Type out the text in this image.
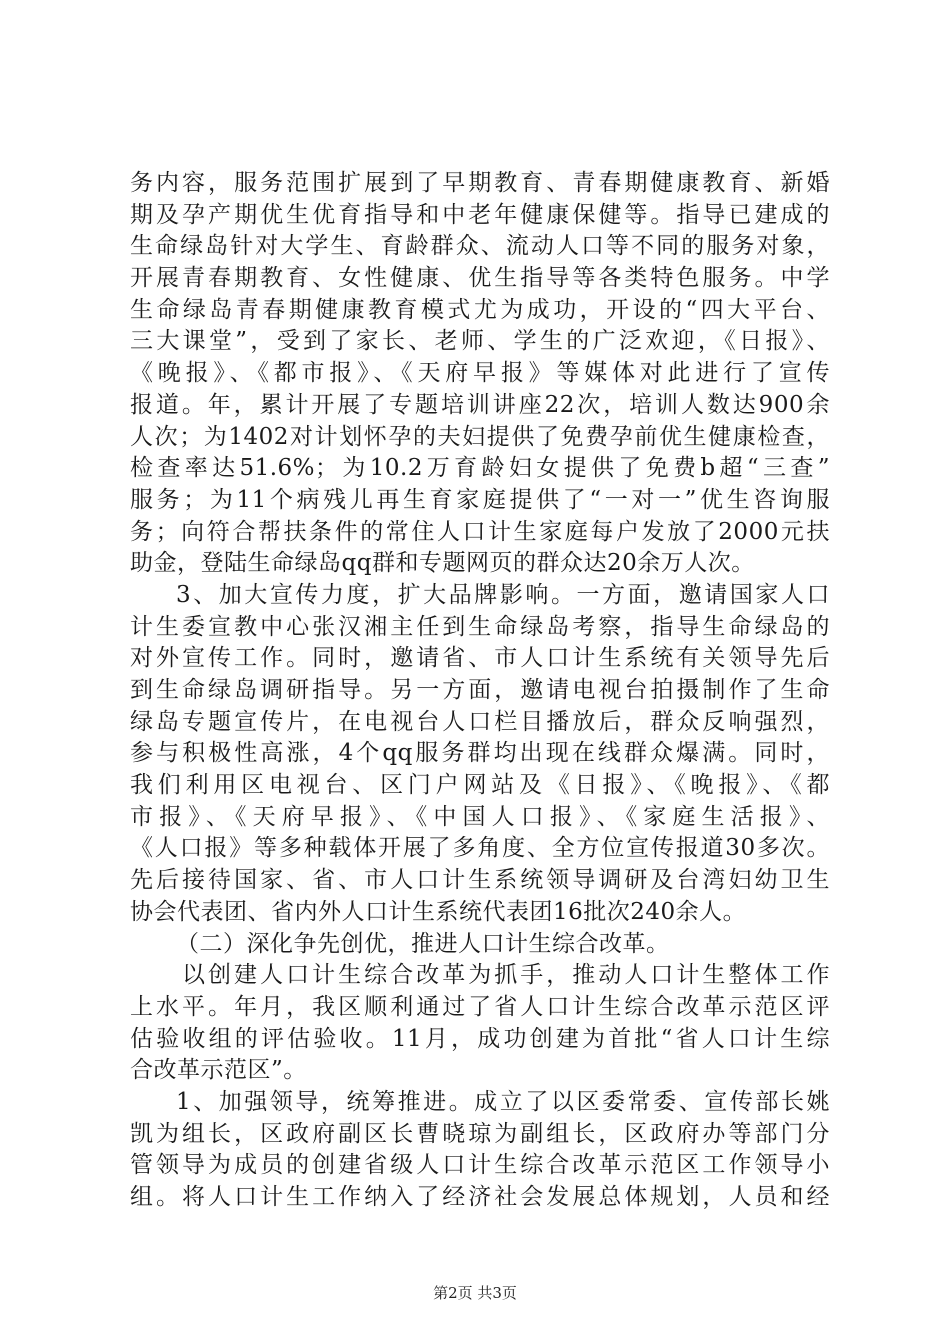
务内容，服务范围扩展到了早期教育、青春期健康教育、新婚
期及孕产期优生优育指导和中老年健康保健等。指导已建成的
生命绿岛针对大学生、育龄群众、流动人口等不同的服务对象，
开展青春期教育、女性健康、优生指导等各类特色服务。中学
生命绿岛青春期健康教育模式尤为成功，开设的“四大平台、
三大课堂”，受到了家长、老师、学生的广泛欢迎，《日报》、
《晚报》、《都市报》、《天府早报》等媒体对此进行了宣传
报道。年，累计开展了专题培训讲座22次，培训人数达900余
人次；为1402对计划怀孕的夫妇提供了免费孕前优生健康检查，
检查率达51.6%；为10.2万育龄妇女提供了免费b超“三查”
服务；为11个病残儿再生育家庭提供了“一对一”优生咨询服
务；向符合帮扶条件的常住人口计生家庭每户发放了2000元扶
助金，登陆生命绿岛qq群和专题网页的群众达20余万人次。
3、加大宣传力度，扩大品牌影响。一方面，邀请国家人口
计生委宣教中心张汉湘主任到生命绿岛考察，指导生命绿岛的
对外宣传工作。同时，邀请省、市人口计生系统有关领导先后
到生命绿岛调研指导。另一方面，邀请电视台拍摄制作了生命
绿岛专题宣传片，在电视台人口栏目播放后，群众反响强烈，
参与积极性高涨，4个qq服务群均出现在线群众爆满。同时，
我们利用区电视台、区门户网站及《日报》、《晚报》、《都
市报》、《天府早报》、《中国人口报》、《家庭生活报》、
《人口报》等多种载体开展了多角度、全方位宣传报道30多次。
先后接待国家、省、市人口计生系统领导调研及台湾妇幼卫生
协会代表团、省内外人口计生系统代表团16批次240余人。
（二）深化争先创优，推进人口计生综合改革。
以创建人口计生综合改革为抓手，推动人口计生整体工作
上水平。年月，我区顺利通过了省人口计生综合改革示范区评
估验收组的评估验收。11月，成功创建为首批“省人口计生综
合改革示范区”。
1、加强领导，统筹推进。成立了以区委常委、宣传部长姚
凯为组长，区政府副区长曹晓琼为副组长，区政府办等部门分
管领导为成员的创建省级人口计生综合改革示范区工作领导小
组。将人口计生工作纳入了经济社会发展总体规划，人员和经
第2页 共3页
